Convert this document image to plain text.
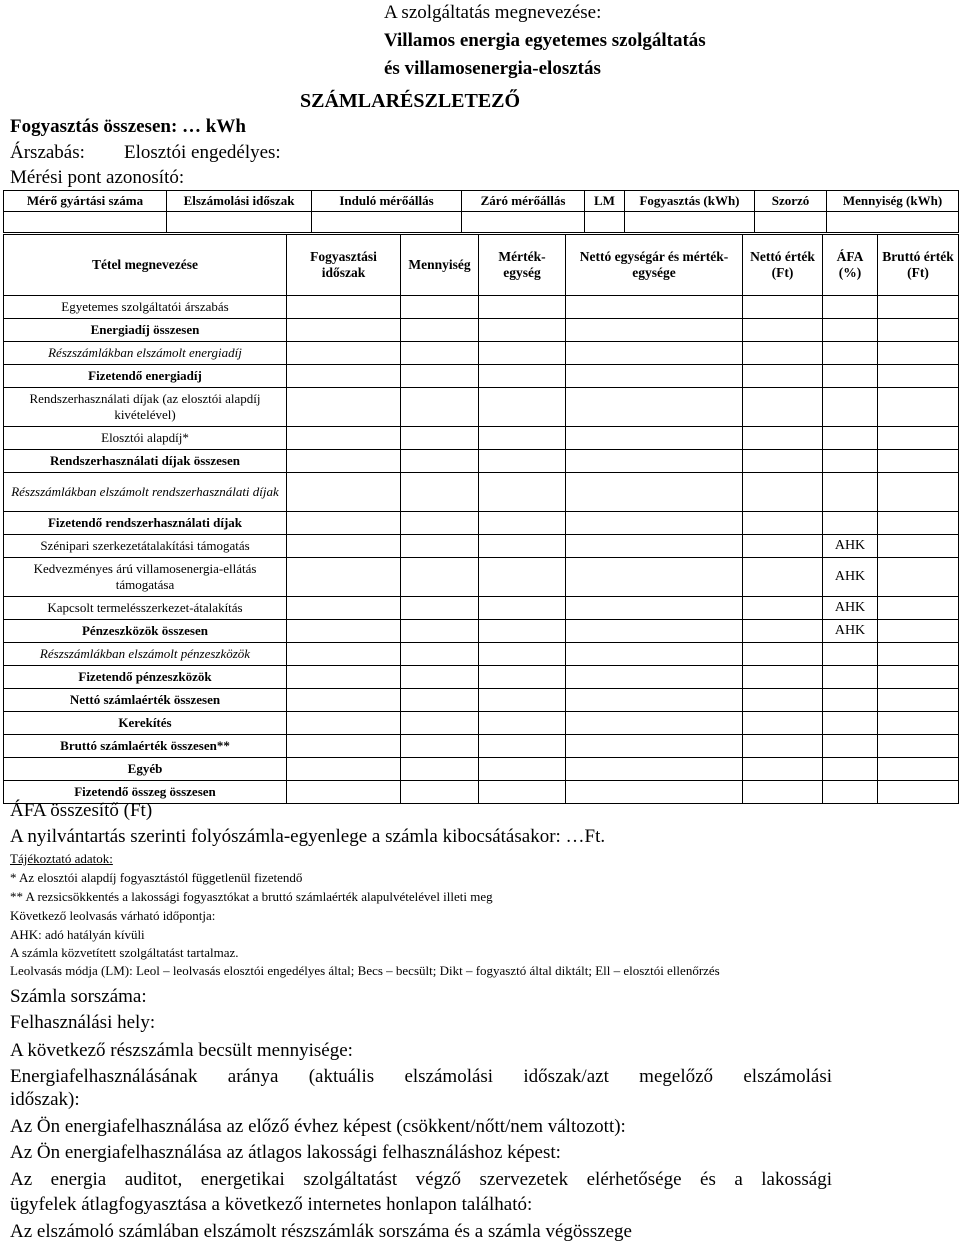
A szolgáltatás megnevezése:
Villamos energia egyetemes szolgáltatás
és villamosenergia-elosztás
SZÁMLARÉSZLETEZŐ
Fogyasztás összesen: … kWh
Árszabás: Elosztói engedélyes:
Mérési pont azonosító:
Mérő gyártási száma	Elszámolási időszak	Induló mérőállás	Záró mérőállás	LM	Fogyasztás (kWh)	Szorzó	Mennyiség (kWh)

Tétel megnevezése	Fogyasztási időszak	Mennyiség	Mérték-egység	Nettó egységár és mérték-egysége	Nettó érték (Ft)	ÁFA (%)	Bruttó érték (Ft)
Egyetemes szolgáltatói árszabás							
Energiadíj összesen							
Részszámlákban elszámolt energiadíj							
Fizetendő energiadíj							
Rendszerhasználati díjak (az elosztói alapdíj kivételével)							
Elosztói alapdíj*							
Rendszerhasználati díjak összesen							
Részszámlákban elszámolt rendszerhasználati díjak							
Fizetendő rendszerhasználati díjak							
Szénipari szerkezetátalakítási támogatás						AHK	
Kedvezményes árú villamosenergia-ellátás támogatása						AHK	
Kapcsolt termelésszerkezet-átalakítás						AHK	
Pénzeszközök összesen						AHK	
Részszámlákban elszámolt pénzeszközök							
Fizetendő pénzeszközök							
Nettó számlaérték összesen							
Kerekítés							
Bruttó számlaérték összesen**							
Egyéb							
Fizetendő összeg összesen							
ÁFA összesítő (Ft)
A nyilvántartás szerinti folyószámla-egyenlege a számla kibocsátásakor: …Ft.
Tájékoztató adatok:
* Az elosztói alapdíj fogyasztástól függetlenül fizetendő
** A rezsicsökkentés a lakossági fogyasztókat a bruttó számlaérték alapulvételével illeti meg
Következő leolvasás várható időpontja:
AHK: adó hatályán kívüli
A számla közvetített szolgáltatást tartalmaz.
Leolvasás módja (LM): Leol – leolvasás elosztói engedélyes által; Becs – becsült; Dikt – fogyasztó által diktált; Ell – elosztói ellenőrzés
Számla sorszáma:
Felhasználási hely:
A következő részszámla becsült mennyisége:
Energiafelhasználásának aránya (aktuális elszámolási időszak/azt megelőző elszámolási
időszak):
Az Ön energiafelhasználása az előző évhez képest (csökkent/nőtt/nem változott):
Az Ön energiafelhasználása az átlagos lakossági felhasználáshoz képest:
Az energia auditot, energetikai szolgáltatást végző szervezetek elérhetősége és a lakossági
ügyfelek átlagfogyasztása a következő internetes honlapon található:
Az elszámoló számlában elszámolt részszámlák sorszáma és a számla végösszege
